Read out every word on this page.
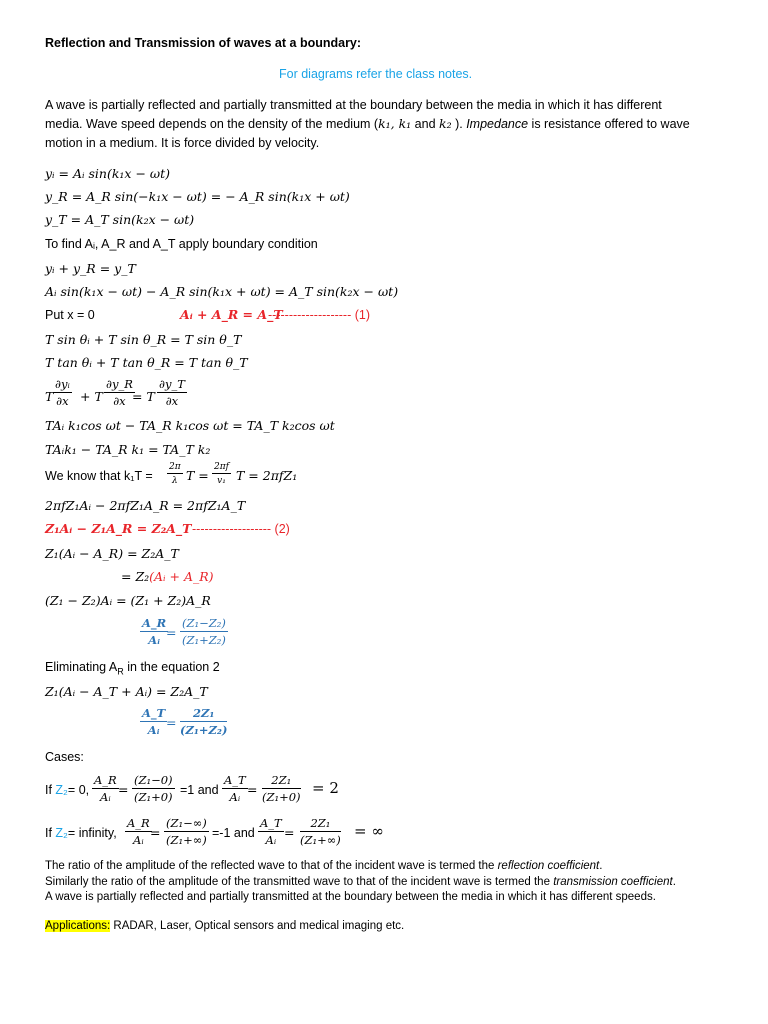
Reflection and Transmission of waves at a boundary:
For diagrams refer the class notes.
A wave is partially reflected and partially transmitted at the boundary between the media in which it has different
media. Wave speed depends on the density of the medium (k₁, k₁ and k₂ ). Impedance is resistance offered to wave
motion in a medium. It is force divided by velocity.
yᵢ = Aᵢ sin(k₁x − ωt)
y_R = A_R sin(−k₁x − ωt) = − A_R sin(k₁x + ωt)
y_T = A_T sin(k₂x − ωt)
To find Aᵢ, A_R and A_T apply boundary condition
yᵢ + y_R = y_T
Aᵢ sin(k₁x − ωt) − A_R sin(k₁x + ωt) = A_T sin(k₂x − ωt)
Put x = 0	Aᵢ + A_R = A_T
-------------------- (1)
T sin θᵢ + T sin θ_R = T sin θ_T
T tan θᵢ + T tan θ_R = T tan θ_T
T $\frac{\text{∂yᵢ}}{\partial x} + T \frac{\partial y\_R}{\partial x}$
= T $\frac{\partial y\_T}{\partial x}$
TAᵢ k₁cos ωt − TA_R k₁cos ωt = TA_T k₂cos ωt
TAᵢk₁ − TA_R k₁ = TA_T k₂
We know that $k_1T = \frac{2\pi}{\lambda}$ $T = \frac{2\pi f}{\text{v₁}}$ T = 2πfZ₁
2πfZ₁Aᵢ − 2πfZ₁A_R = 2πfZ₁A_T
Z₁Aᵢ − Z₁A_R = Z₂A_T ------------------- (2)
Z₁(Aᵢ − A_R) = Z₂A_T
= Z₂(Aᵢ + A_R)
(Z₁ − Z₂)Aᵢ = (Z₁ + Z₂)A_R
$\frac{A\_R}{\text{Aᵢ}}$
= $\frac{\text{(Z₁−Z₂)}}{\text{(Z₁+Z₂)}}$
Eliminating $A_R$ in the equation 2
Z₁(Aᵢ − A_T + Aᵢ) = Z₂A_T
$\frac{A\_T}{\text{Aᵢ}}$
= $\frac{\text{2Z₁}}{\text{(Z₁+Z₂)}}$
Cases:
If Z₂= 0, $\frac{A\_R}{\text{Aᵢ}} = \frac{\text{(Z₁−0)}}{\text{(Z₁+0)}} =1$ and $\frac{A\_T}{\text{Aᵢ}} = \frac{\text{2Z₁}}{\text{(Z₁+0)}} = 2$
If Z₂= infinity, $\frac{A\_R}{\text{Aᵢ}}$
= $\frac{\text{(Z₁−∞)}}{\text{(Z₁+∞)}} =-1$ and $\frac{A\_T}{\text{Aᵢ}} = \frac{\text{2Z₁}}{\text{(Z₁+∞)}}$ = ∞
The ratio of the amplitude of the reflected wave to that of the incident wave is termed the reflection coefficient.
Similarly the ratio of the amplitude of the transmitted wave to that of the incident wave is termed the transmission coefficient.
A wave is partially reflected and partially transmitted at the boundary between the media in which it has different speeds.
Applications: RADAR, Laser, Optical sensors and medical imaging etc.
